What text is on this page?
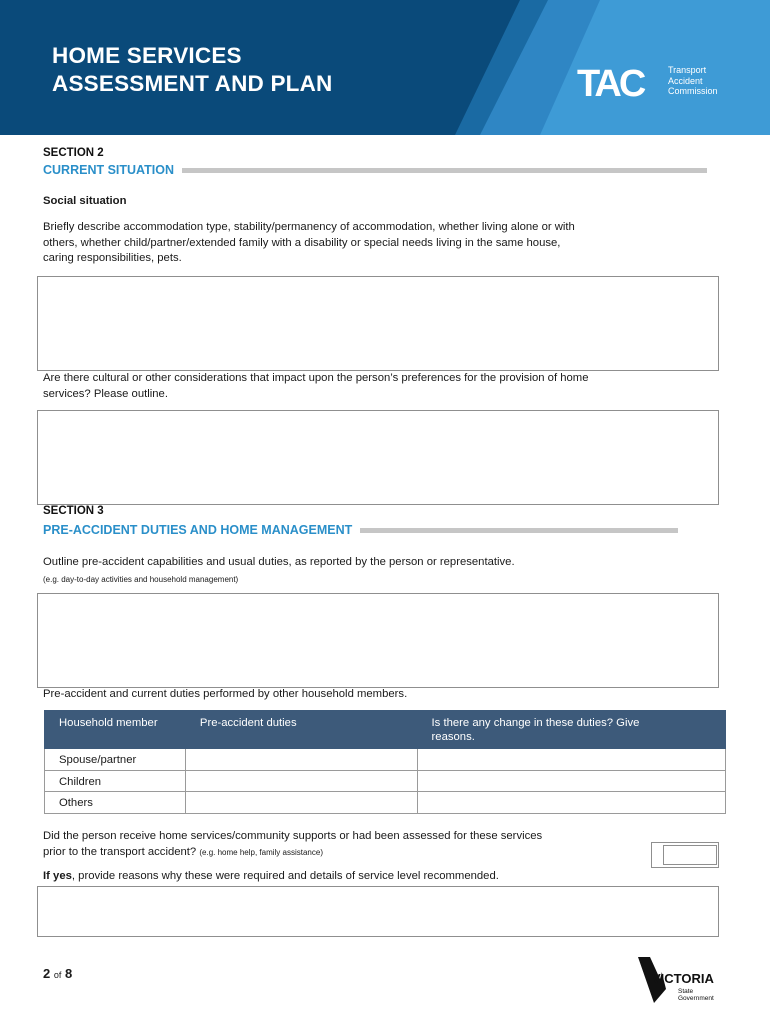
HOME SERVICES
ASSESSMENT AND PLAN	TAC	Transport
Accident
Commission
SECTION 2
CURRENT SITUATION
Social situation
Briefly describe accommodation type, stability/permanency of accommodation, whether living alone or with
others, whether child/partner/extended family with a disability or special needs living in the same house,
caring responsibilities, pets.
Are there cultural or other considerations that impact upon the person’s preferences for the provision of home
services? Please outline.
SECTION 3
PRE-ACCIDENT DUTIES AND HOME MANAGEMENT
Outline pre-accident capabilities and usual duties, as reported by the person or representative.
(e.g. day-to-day activities and household management)
Pre-accident and current duties performed by other household members.
Household member	Pre-accident duties	Is there any change in these duties? Give
reasons.

Spouse/partner		
Children		
Others		
Did the person receive home services/community supports or had been assessed for these services
prior to the transport accident? (e.g. home help, family assistance)
If yes, provide reasons why these were required and details of service level recommended.
2 of 8	VICTORIA
State
Government
